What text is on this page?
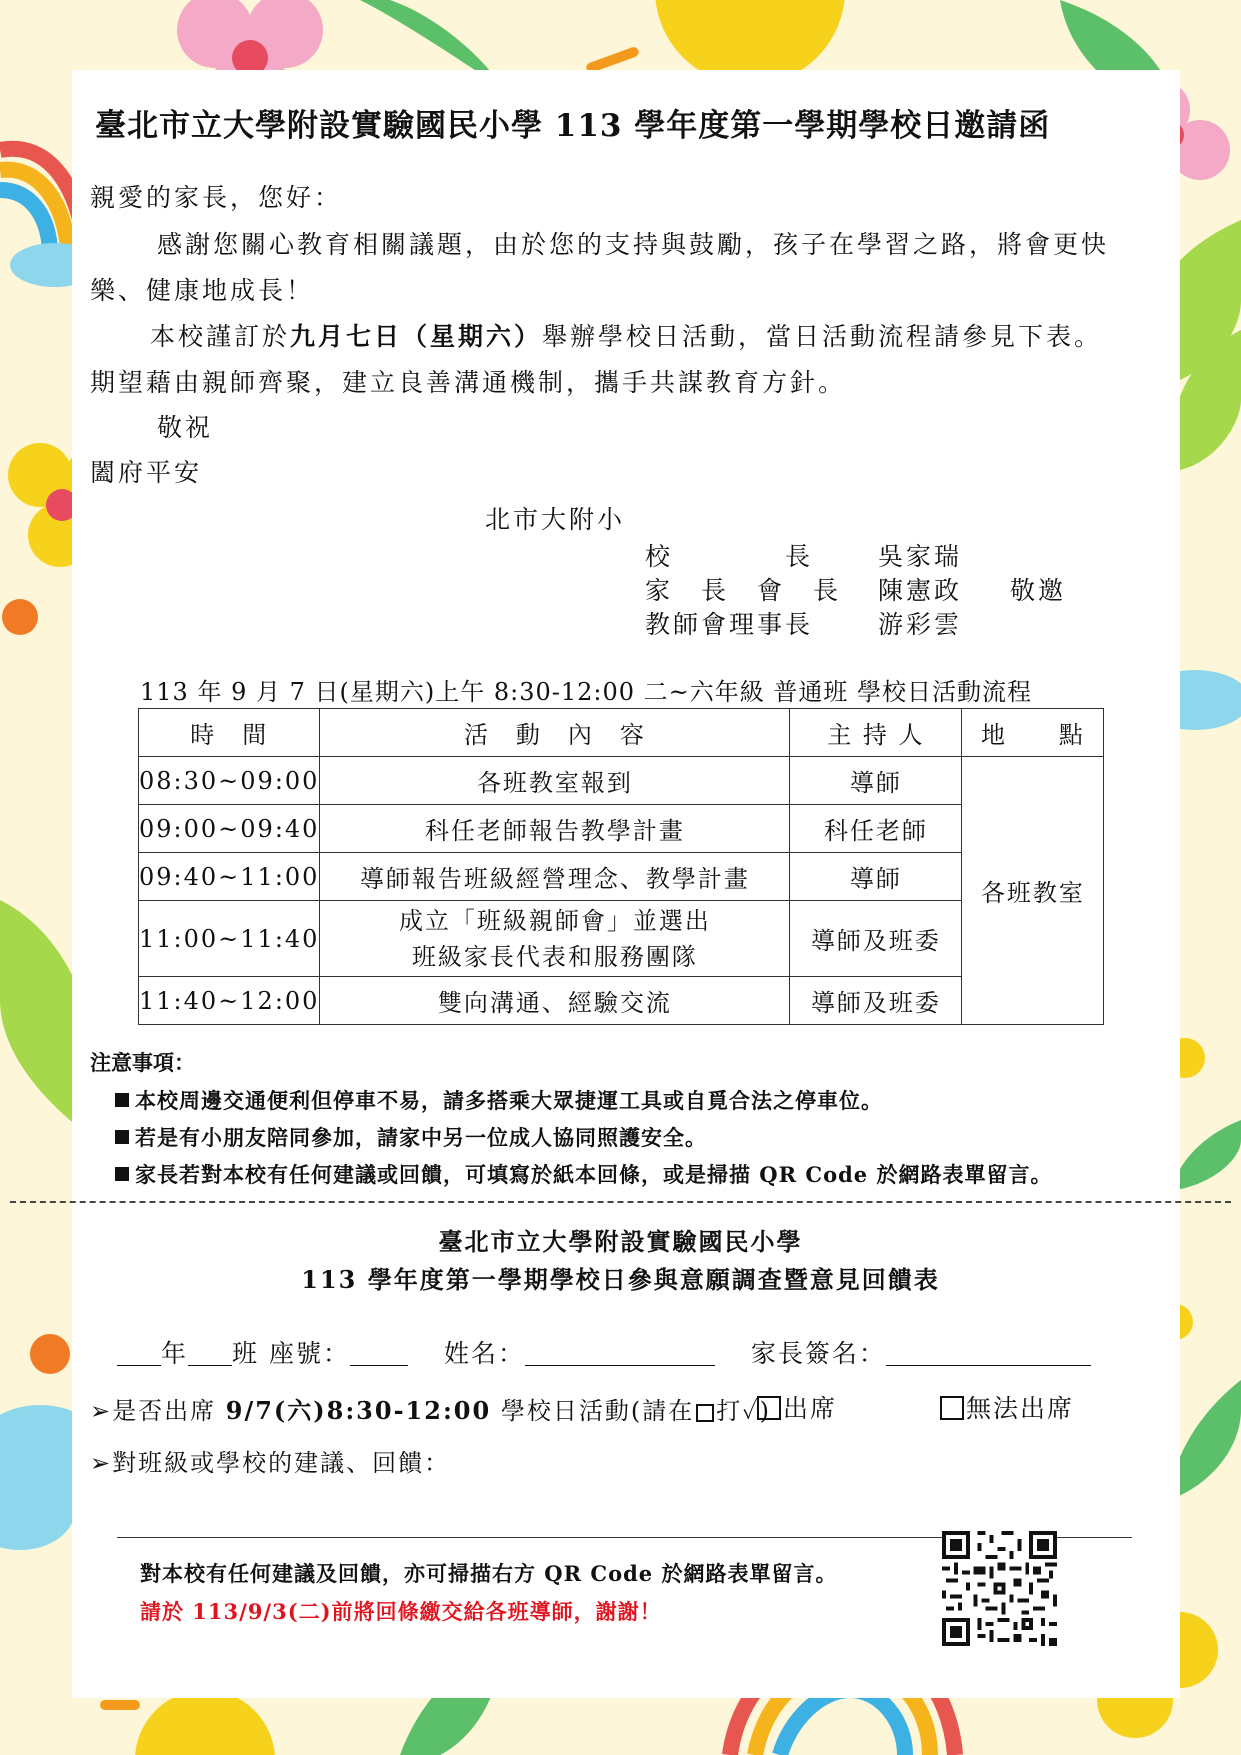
臺北市立大學附設實驗國民小學 113 學年度第一學期學校日邀請函
親愛的家長，您好：
感謝您關心教育相關議題，由於您的支持與鼓勵，孩子在學習之路，將會更快
樂、健康地成長！
本校謹訂於九月七日（星期六）舉辦學校日活動，當日活動流程請參見下表。
期望藉由親師齊聚，建立良善溝通機制，攜手共謀教育方針。
敬祝
闔府平安
北市大附小
校　　　　長	吳家瑞
家　長　會　長 陳憲政 敬邀
教師會理事長	游彩雲
113 年 9 月 7 日(星期六)上午 8:30-12:00 二~六年級 普通班 學校日活動流程
時　間	活　動　內　容	主 持 人	地　　點
08:30~09:00	各班教室報到	導師	各班教室
09:00~09:40	科任老師報告教學計畫	科任老師	
09:40~11:00	導師報告班級經營理念、教學計畫	導師	
11:00~11:40	成立「班級親師會」並選出
班級家長代表和服務團隊	導師及班委	
11:40~12:00	雙向溝通、經驗交流	導師及班委	
注意事項：
本校周邊交通便利但停車不易，請多搭乘大眾捷運工具或自覓合法之停車位。
若是有小朋友陪同參加，請家中另一位成人協同照護安全。
家長若對本校有任何建議或回饋，可填寫於紙本回條，或是掃描 QR Code 於網路表單留言。
臺北市立大學附設實驗國民小學
113 學年度第一學期學校日參與意願調查暨意見回饋表
年 班 座號：	姓名：	家長簽名：
➢是否出席 9/7(六)8:30-12:00 學校日活動(請在 打✓) 出席	無法出席
➢對班級或學校的建議、回饋：
對本校有任何建議及回饋，亦可掃描右方 QR Code 於網路表單留言。
請於 113/9/3(二)前將回條繳交給各班導師，謝謝！
